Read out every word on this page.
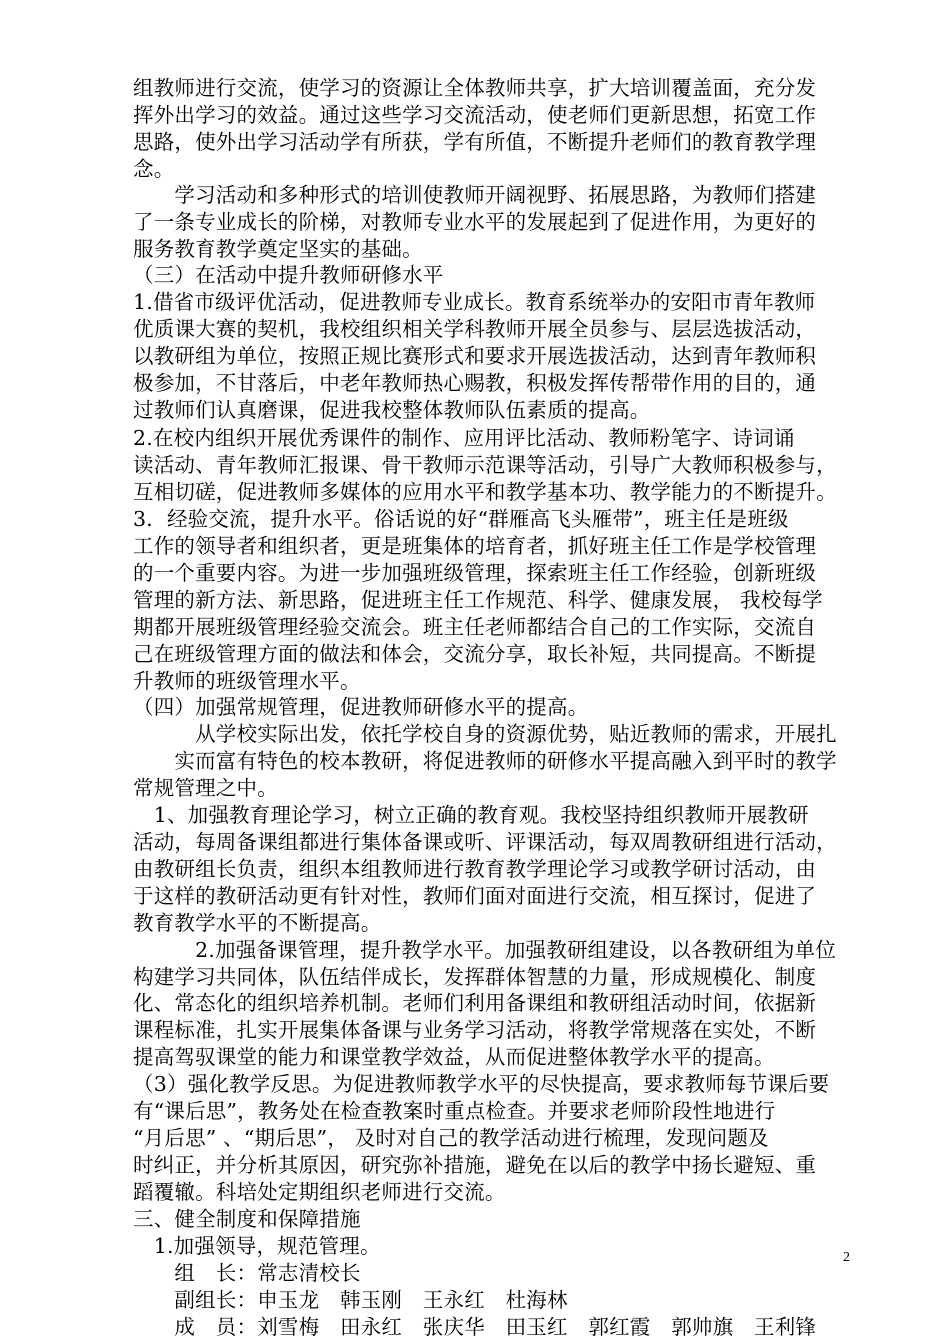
组教师进行交流，使学习的资源让全体教师共享，扩大培训覆盖面，充分发
挥外出学习的效益。通过这些学习交流活动，使老师们更新思想，拓宽工作
思路，使外出学习活动学有所获，学有所值，不断提升老师们的教育教学理
念。
　　学习活动和多种形式的培训使教师开阔视野、拓展思路，为教师们搭建
了一条专业成长的阶梯，对教师专业水平的发展起到了促进作用，为更好的
服务教育教学奠定坚实的基础。
（三）在活动中提升教师研修水平
1.借省市级评优活动，促进教师专业成长。教育系统举办的安阳市青年教师
优质课大赛的契机，我校组织相关学科教师开展全员参与、层层选拔活动，
以教研组为单位，按照正规比赛形式和要求开展选拔活动，达到青年教师积
极参加，不甘落后，中老年教师热心赐教，积极发挥传帮带作用的目的，通
过教师们认真磨课，促进我校整体教师队伍素质的提高。
2.在校内组织开展优秀课件的制作、应用评比活动、教师粉笔字、诗词诵
读活动、青年教师汇报课、骨干教师示范课等活动，引导广大教师积极参与，
互相切磋，促进教师多媒体的应用水平和教学基本功、教学能力的不断提升。
3．经验交流，提升水平。俗话说的好“群雁高飞头雁带”，班主任是班级
工作的领导者和组织者，更是班集体的培育者，抓好班主任工作是学校管理
的一个重要内容。为进一步加强班级管理，探索班主任工作经验，创新班级
管理的新方法、新思路，促进班主任工作规范、科学、健康发展， 我校每学
期都开展班级管理经验交流会。班主任老师都结合自己的工作实际，交流自
己在班级管理方面的做法和体会，交流分享，取长补短，共同提高。不断提
升教师的班级管理水平。
（四）加强常规管理，促进教师研修水平的提高。
　　　从学校实际出发，依托学校自身的资源优势，贴近教师的需求，开展扎
　　实而富有特色的校本教研，将促进教师的研修水平提高融入到平时的教学
常规管理之中。
　1、加强教育理论学习，树立正确的教育观。我校坚持组织教师开展教研
活动，每周备课组都进行集体备课或听、评课活动，每双周教研组进行活动，
由教研组长负责，组织本组教师进行教育教学理论学习或教学研讨活动，由
于这样的教研活动更有针对性，教师们面对面进行交流，相互探讨，促进了
教育教学水平的不断提高。
　　　2.加强备课管理，提升教学水平。加强教研组建设，以各教研组为单位
构建学习共同体，队伍结伴成长，发挥群体智慧的力量，形成规模化、制度
化、常态化的组织培养机制。老师们利用备课组和教研组活动时间，依据新
课程标准，扎实开展集体备课与业务学习活动，将教学常规落在实处，不断
提高驾驭课堂的能力和课堂教学效益，从而促进整体教学水平的提高。
（3）强化教学反思。为促进教师教学水平的尽快提高，要求教师每节课后要
有“课后思”，教务处在检查教案时重点检查。并要求老师阶段性地进行
“月后思” 、“期后思”， 及时对自己的教学活动进行梳理，发现问题及
时纠正，并分析其原因，研究弥补措施，避免在以后的教学中扬长避短、重
蹈覆辙。科培处定期组织老师进行交流。
三、健全制度和保障措施
　1.加强领导，规范管理。
　　组　长：常志清校长
　　副组长：申玉龙　韩玉刚　王永红　杜海林
　　成　员：刘雪梅　田永红　张庆华　田玉红　郭红霞　郭帅旗　王利锋
2
